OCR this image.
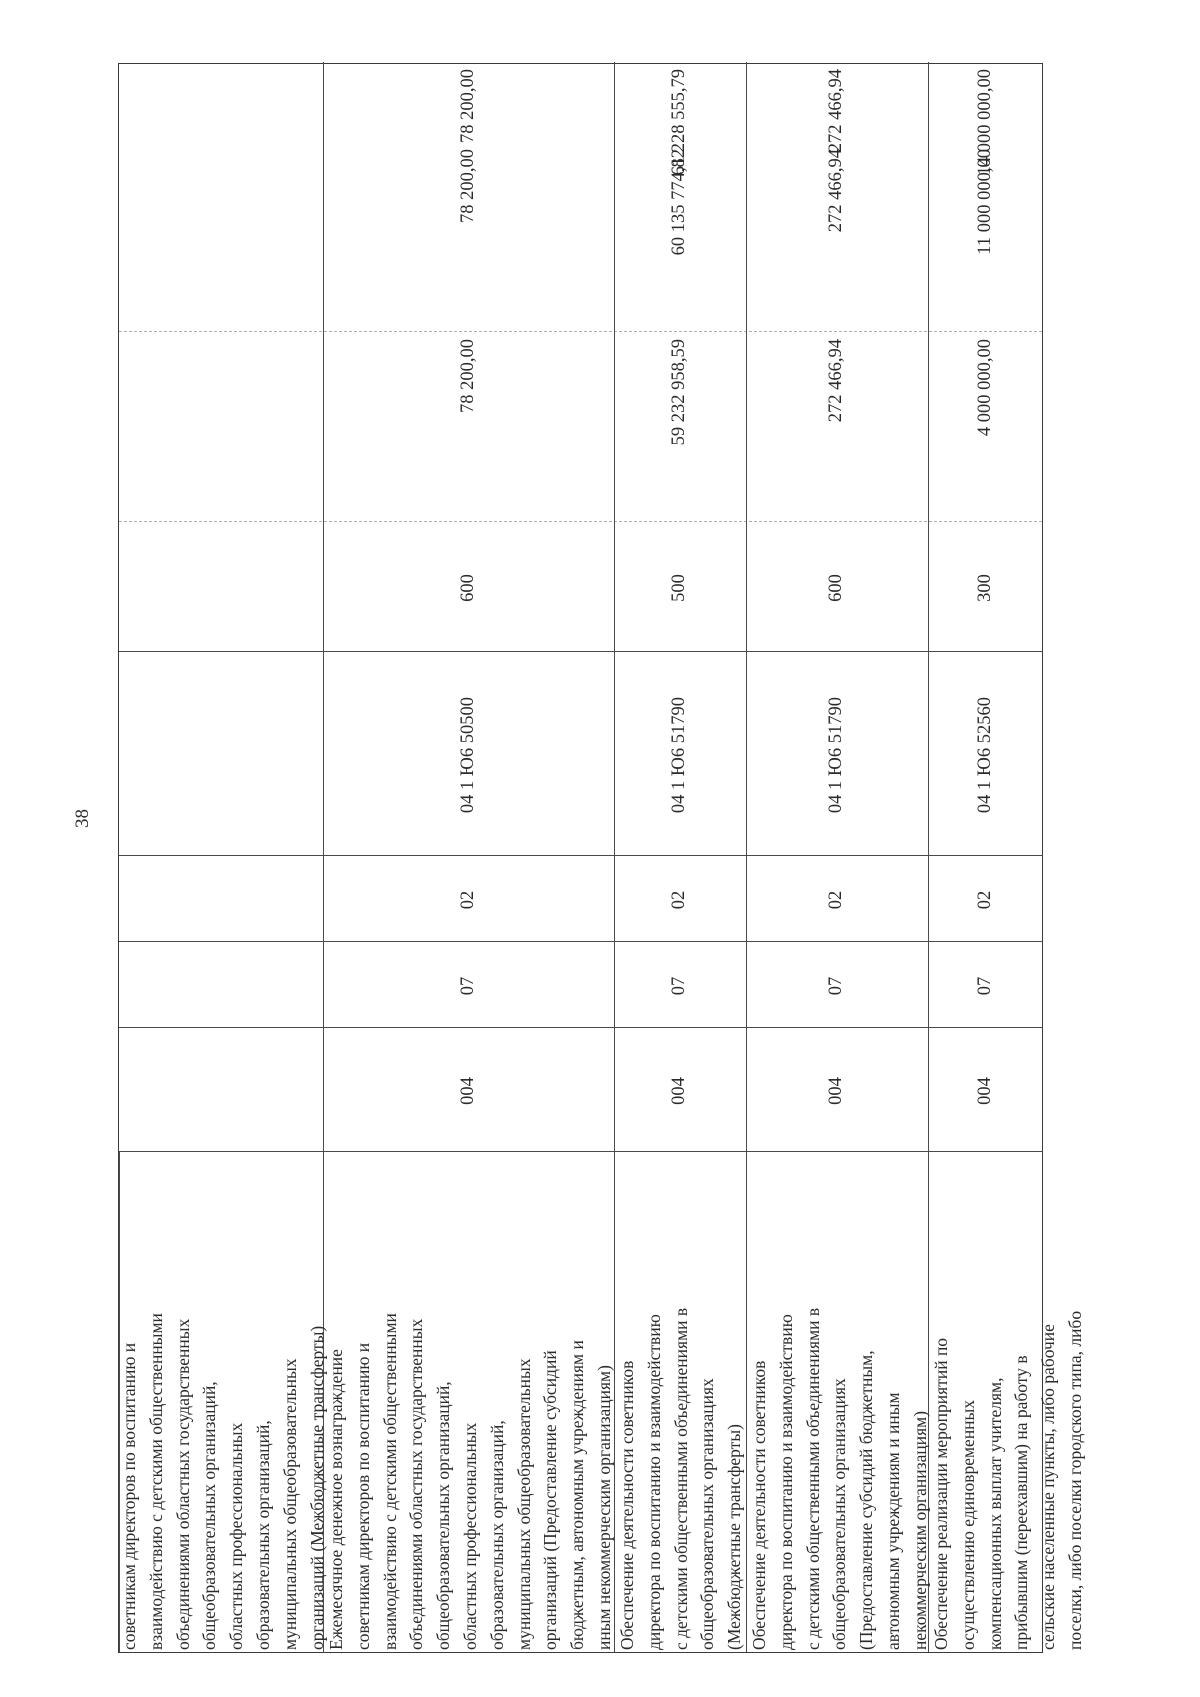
38
советникам директоров по воспитанию и
взаимодействию с детскими общественными
объединениями областных государственных
общеобразовательных организаций,
областных профессиональных
образовательных организаций,
муниципальных общеобразовательных
организаций (Межбюджетные трансферты)
Ежемесячное денежное вознаграждение
советникам директоров по воспитанию и
взаимодействию с детскими общественными
объединениями областных государственных
общеобразовательных организаций,
областных профессиональных
образовательных организаций,
муниципальных общеобразовательных
организаций (Предоставление субсидий
бюджетным, автономным учреждениям и
иным некоммерческим организациям)
Обеспечение деятельности советников
директора по воспитанию и взаимодействию
с детскими общественными объединениями в
общеобразовательных организациях
(Межбюджетные трансферты)
Обеспечение деятельности советников
директора по воспитанию и взаимодействию
с детскими общественными объединениями в
общеобразовательных организациях
(Предоставление субсидий бюджетным,
автономным учреждениям и иным
некоммерческим организациям)
Обеспечение реализации мероприятий по
осуществлению единовременных
компенсационных выплат учителям,
прибывшим (переехавшим) на работу в
сельские населенные пункты, либо рабочие
поселки, либо поселки городского типа, либо
004
07
02
04 1 Ю6 50500
600
78 200,00
78 200,00
78 200,00
004
07
02
04 1 Ю6 51790
500
59 232 958,59
60 135 774,82
61 228 555,79
004
07
02
04 1 Ю6 51790
600
272 466,94
272 466,94
272 466,94
004
07
02
04 1 Ю6 52560
300
4 000 000,00
11 000 000,00
14 000 000,00
